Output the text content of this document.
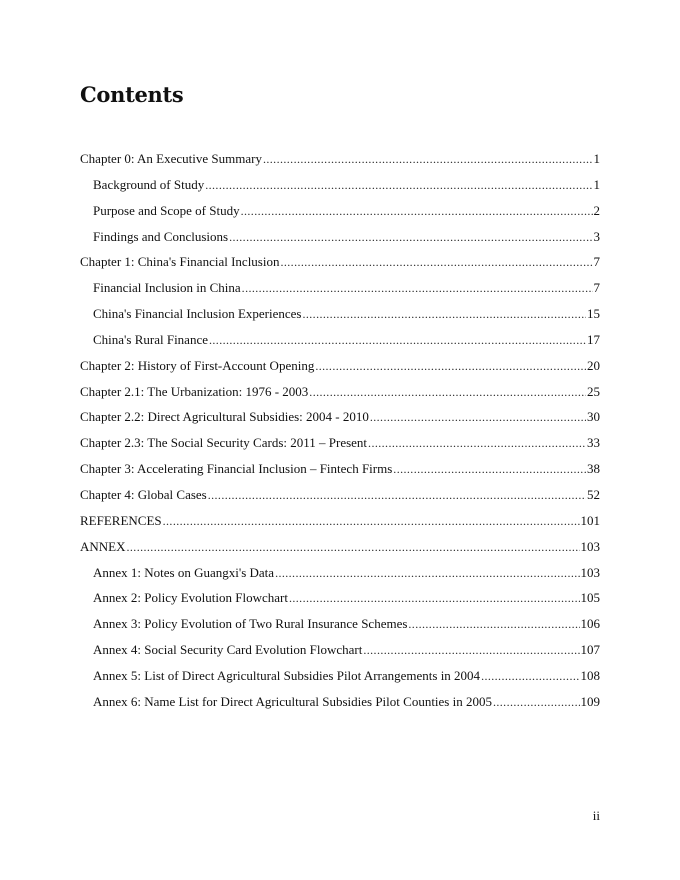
Contents
Chapter 0: An Executive Summary .....	1
Background of Study .....	1
Purpose and Scope of Study .....	2
Findings and Conclusions .....	3
Chapter 1: China's Financial Inclusion .....	7
Financial Inclusion in China .....	7
China's Financial Inclusion Experiences .....	15
China's Rural Finance .....	17
Chapter 2: History of First-Account Opening .....	20
Chapter 2.1: The Urbanization: 1976 - 2003 .....	25
Chapter 2.2: Direct Agricultural Subsidies: 2004 - 2010 .....	30
Chapter 2.3: The Social Security Cards: 2011 – Present .....	33
Chapter 3: Accelerating Financial Inclusion – Fintech Firms .....	38
Chapter 4: Global Cases .....	52
REFERENCES .....	101
ANNEX .....	103
Annex 1: Notes on Guangxi's Data .....	103
Annex 2: Policy Evolution Flowchart .....	105
Annex 3: Policy Evolution of Two Rural Insurance Schemes .....	106
Annex 4: Social Security Card Evolution Flowchart .....	107
Annex 5: List of Direct Agricultural Subsidies Pilot Arrangements in 2004 .....	108
Annex 6: Name List for Direct Agricultural Subsidies Pilot Counties in 2005 .....	109
ii
